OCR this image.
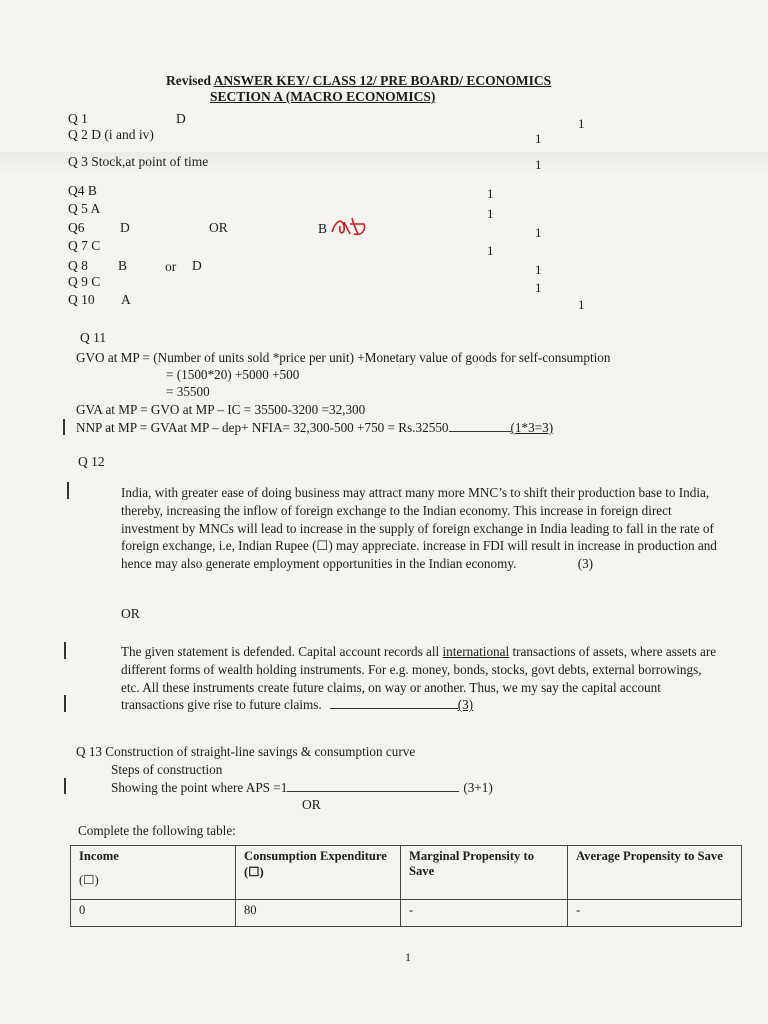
Revised ANSWER KEY/ CLASS 12/ PRE BOARD/ ECONOMICS
SECTION A (MACRO ECONOMICS)
Q 1	D	1
Q 2 D (i and iv)	1
Q 3 Stock,at point of time	1
Q4 B	1
Q 5 A	1
Q6	D	OR	B	1
Q 7 C	1
Q 8 B	or D	1
Q 9 C	1
Q 10 A	1
Q 11
GVO at MP = (Number of units sold *price per unit) +Monetary value of goods for self-consumption
= (1500*20) +5000 +500
= 35500
GVA at MP = GVO at MP – IC = 35500-3200 =32,300
NNP at MP = GVAat MP – dep+ NFIA= 32,300-500 +750 = Rs.32550	(1*3=3)
Q 12
India, with greater ease of doing business may attract many more MNC’s to shift their production base to India, thereby, increasing the inflow of foreign exchange to the Indian economy. This increase in foreign direct investment by MNCs will lead to increase in the supply of foreign exchange in India leading to fall in the rate of foreign exchange, i.e, Indian Rupee (☐) may appreciate. increase in FDI will result in increase in production and hence may also generate employment opportunities in the Indian economy.	(3)
OR
The given statement is defended. Capital account records all international transactions of assets, where assets are different forms of wealth holding instruments. For e.g. money, bonds, stocks, govt debts, external borrowings, etc. All these instruments create future claims, on way or another. Thus, we my say the capital account transactions give rise to future claims.	(3)
Q 13 Construction of straight-line savings & consumption curve
Steps of construction
Showing the point where APS =1	(3+1)
OR
Complete the following table:
Income
(☐)	Consumption Expenditure (☐)	Marginal Propensity to Save	Average Propensity to Save
0	80	-	-
1
